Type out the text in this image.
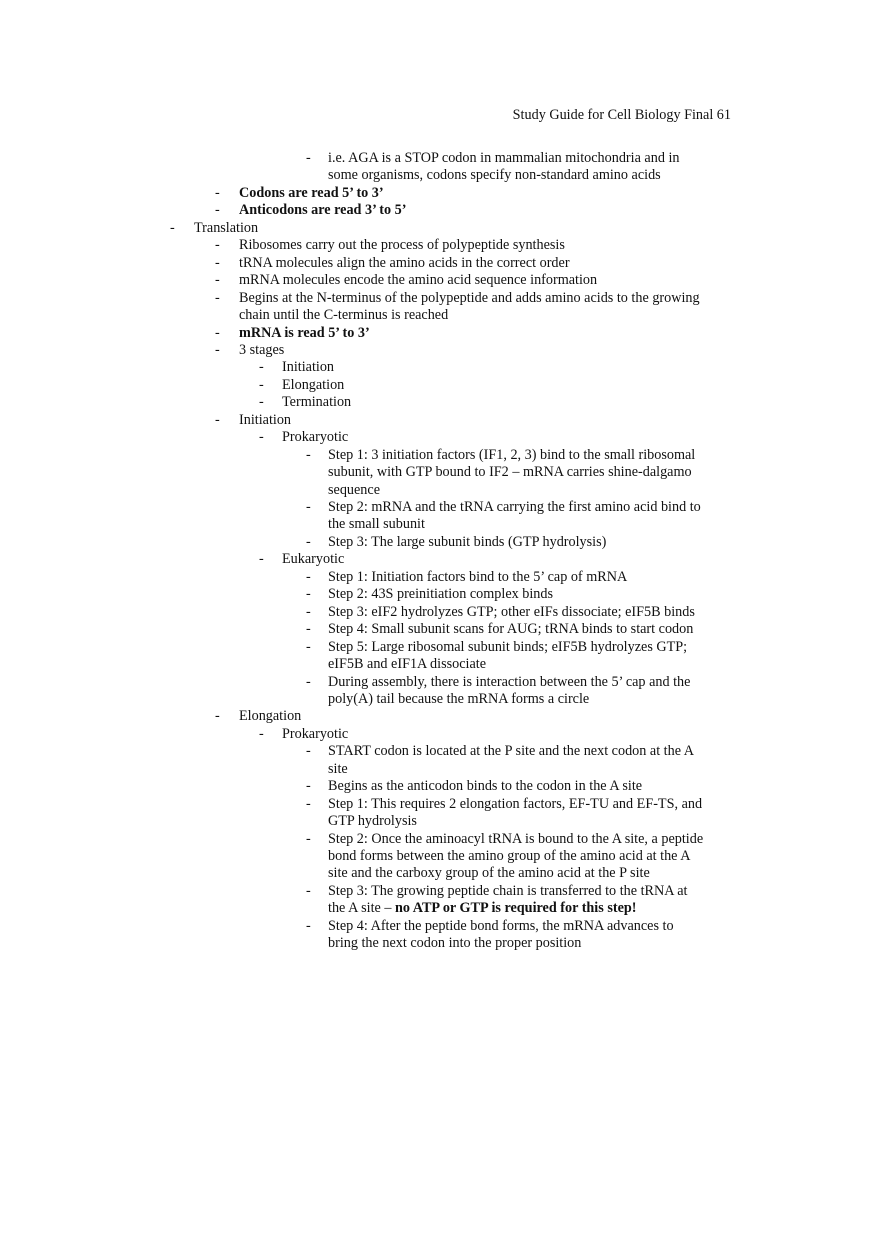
Study Guide for Cell Biology Final 61
- i.e. AGA is a STOP codon in mammalian mitochondria and in
some organisms, codons specify non-standard amino acids
- Codons are read 5’ to 3’
- Anticodons are read 3’ to 5’
- Translation
- Ribosomes carry out the process of polypeptide synthesis
- tRNA molecules align the amino acids in the correct order
- mRNA molecules encode the amino acid sequence information
- Begins at the N-terminus of the polypeptide and adds amino acids to the growing
chain until the C-terminus is reached
- mRNA is read 5’ to 3’
- 3 stages
- Initiation
- Elongation
- Termination
- Initiation
- Prokaryotic
- Step 1: 3 initiation factors (IF1, 2, 3) bind to the small ribosomal
subunit, with GTP bound to IF2 – mRNA carries shine-dalgamo
sequence
- Step 2: mRNA and the tRNA carrying the first amino acid bind to
the small subunit
- Step 3: The large subunit binds (GTP hydrolysis)
- Eukaryotic
- Step 1: Initiation factors bind to the 5’ cap of mRNA
- Step 2: 43S preinitiation complex binds
- Step 3: eIF2 hydrolyzes GTP; other eIFs dissociate; eIF5B binds
- Step 4: Small subunit scans for AUG; tRNA binds to start codon
- Step 5: Large ribosomal subunit binds; eIF5B hydrolyzes GTP;
eIF5B and eIF1A dissociate
- During assembly, there is interaction between the 5’ cap and the
poly(A) tail because the mRNA forms a circle
- Elongation
- Prokaryotic
- START codon is located at the P site and the next codon at the A
site
- Begins as the anticodon binds to the codon in the A site
- Step 1: This requires 2 elongation factors, EF-TU and EF-TS, and
GTP hydrolysis
- Step 2: Once the aminoacyl tRNA is bound to the A site, a peptide
bond forms between the amino group of the amino acid at the A
site and the carboxy group of the amino acid at the P site
- Step 3: The growing peptide chain is transferred to the tRNA at
the A site – no ATP or GTP is required for this step!
- Step 4: After the peptide bond forms, the mRNA advances to
bring the next codon into the proper position
